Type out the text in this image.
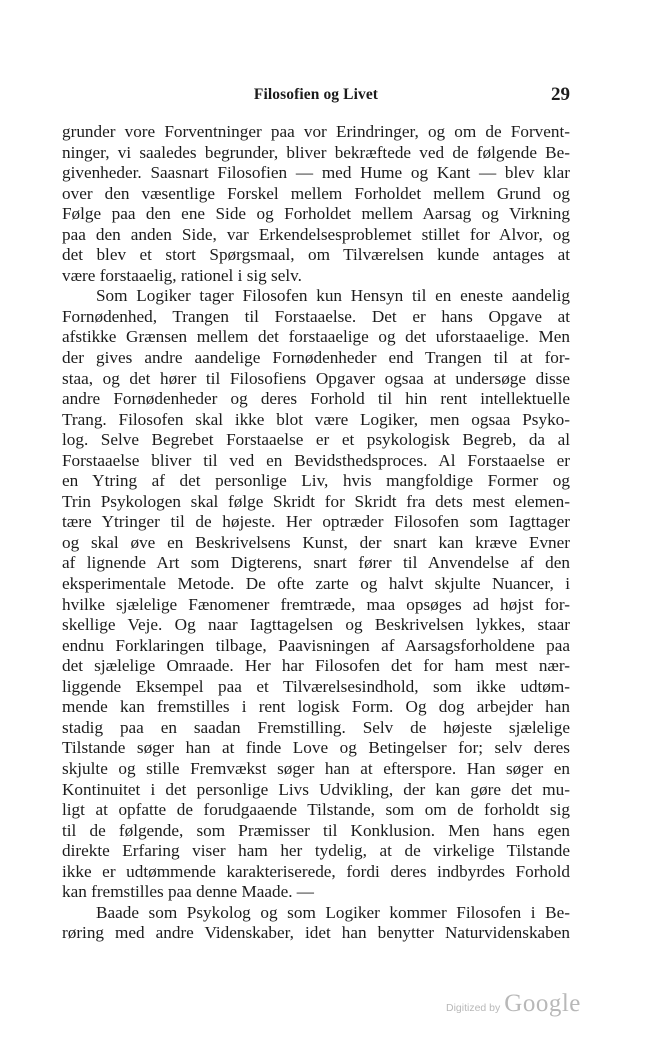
Filosofien og Livet	29

grunder vore Forventninger paa vor Erindringer, og om de Forvent-

ninger, vi saaledes begrunder, bliver bekræftede ved de følgende Be-

givenheder. Saasnart Filosofien — med Hume og Kant — blev klar

over den væsentlige Forskel mellem Forholdet mellem Grund og

Følge paa den ene Side og Forholdet mellem Aarsag og Virkning

paa den anden Side, var Erkendelsesproblemet stillet for Alvor, og

det blev et stort Spørgsmaal, om Tilværelsen kunde antages at

være forstaaelig, rationel i sig selv.

Som Logiker tager Filosofen kun Hensyn til en eneste aandelig

Fornødenhed, Trangen til Forstaaelse. Det er hans Opgave at

afstikke Grænsen mellem det forstaaelige og det uforstaaelige. Men

der gives andre aandelige Fornødenheder end Trangen til at for-

staa, og det hører til Filosofiens Opgaver ogsaa at undersøge disse

andre Fornødenheder og deres Forhold til hin rent intellektuelle

Trang. Filosofen skal ikke blot være Logiker, men ogsaa Psyko-

log. Selve Begrebet Forstaaelse er et psykologisk Begreb, da al

Forstaaelse bliver til ved en Bevidsthedsproces. Al Forstaaelse er

en Ytring af det personlige Liv, hvis mangfoldige Former og

Trin Psykologen skal følge Skridt for Skridt fra dets mest elemen-

tære Ytringer til de højeste. Her optræder Filosofen som Iagttager

og skal øve en Beskrivelsens Kunst, der snart kan kræve Evner

af lignende Art som Digterens, snart fører til Anvendelse af den

eksperimentale Metode. De ofte zarte og halvt skjulte Nuancer, i

hvilke sjælelige Fænomener fremtræde, maa opsøges ad højst for-

skellige Veje. Og naar Iagttagelsen og Beskrivelsen lykkes, staar

endnu Forklaringen tilbage, Paavisningen af Aarsagsforholdene paa

det sjælelige Omraade. Her har Filosofen det for ham mest nær-

liggende Eksempel paa et Tilværelsesindhold, som ikke udtøm-

mende kan fremstilles i rent logisk Form. Og dog arbejder han

stadig paa en saadan Fremstilling. Selv de højeste sjælelige

Tilstande søger han at finde Love og Betingelser for; selv deres

skjulte og stille Fremvækst søger han at efterspore. Han søger en

Kontinuitet i det personlige Livs Udvikling, der kan gøre det mu-

ligt at opfatte de forudgaaende Tilstande, som om de forholdt sig

til de følgende, som Præmisser til Konklusion. Men hans egen

direkte Erfaring viser ham her tydelig, at de virkelige Tilstande

ikke er udtømmende karakteriserede, fordi deres indbyrdes Forhold

kan fremstilles paa denne Maade. —

Baade som Psykolog og som Logiker kommer Filosofen i Be-

røring med andre Videnskaber, idet han benytter Naturvidenskaben

Digitized by Google
